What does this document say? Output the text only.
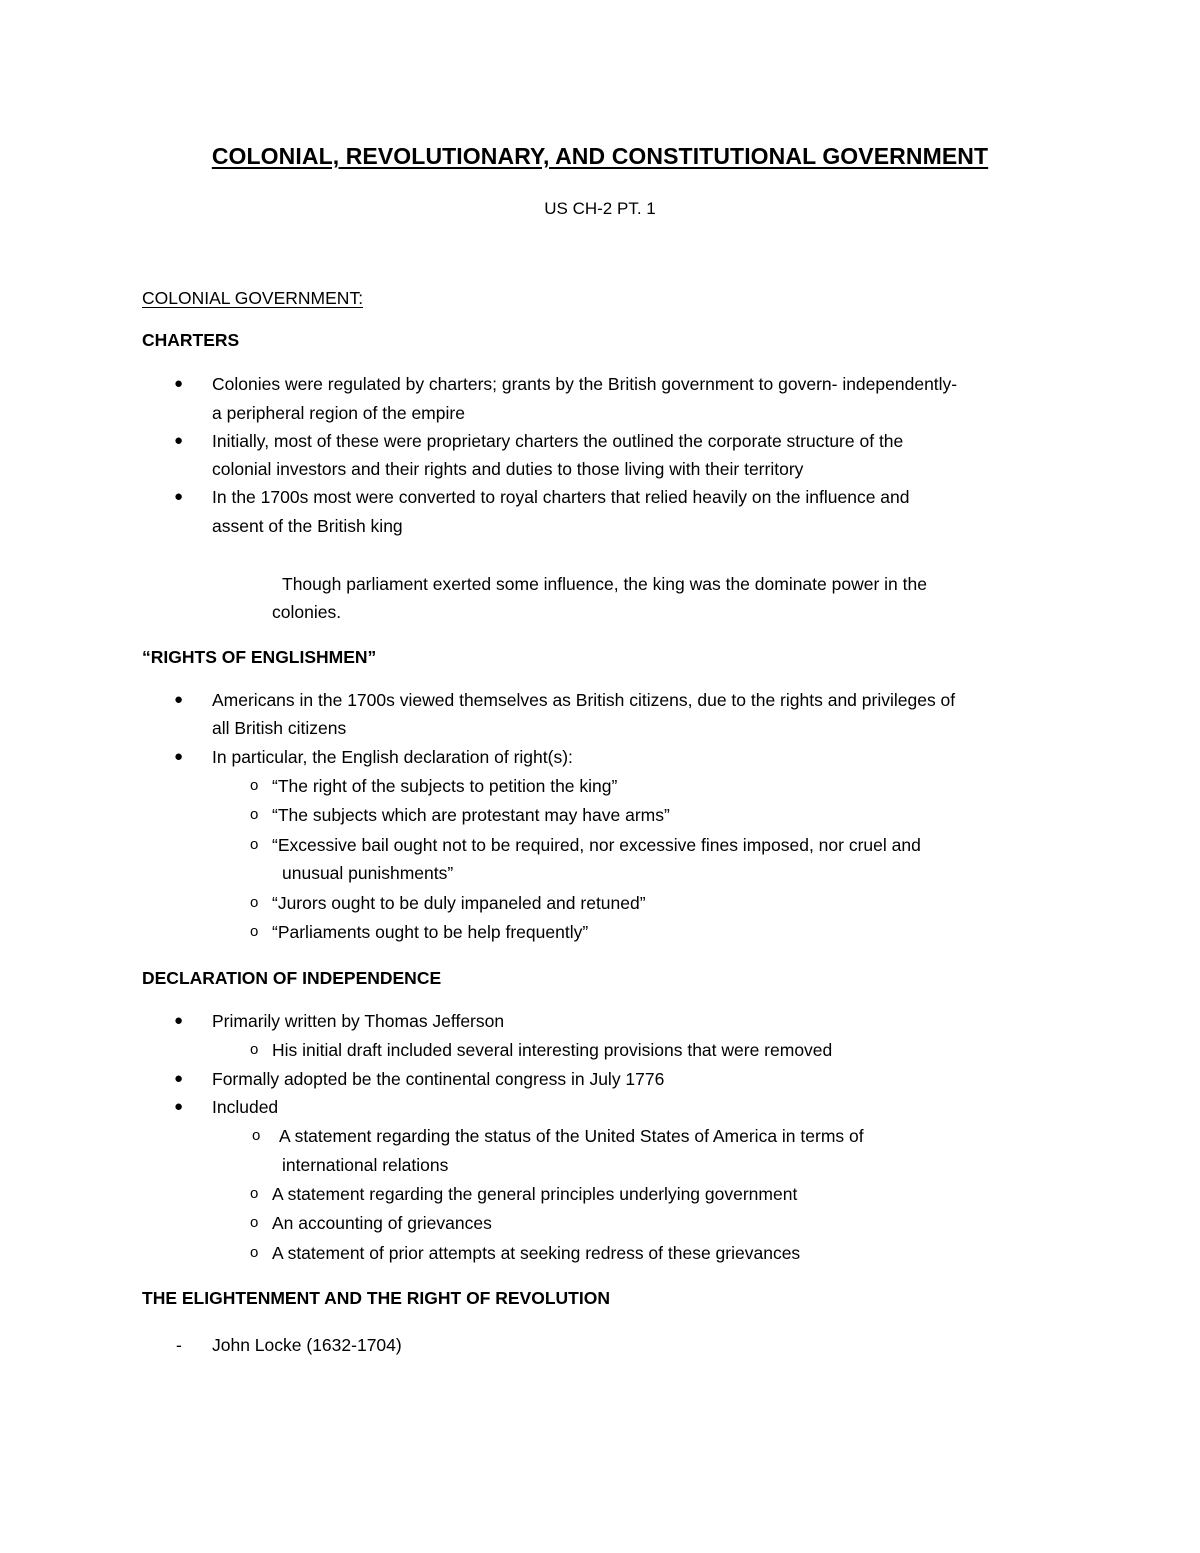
COLONIAL, REVOLUTIONARY, AND CONSTITUTIONAL GOVERNMENT
US CH-2 PT. 1
COLONIAL GOVERNMENT:
CHARTERS
● Colonies were regulated by charters; grants by the British government to govern- independently-
a peripheral region of the empire
● Initially, most of these were proprietary charters the outlined the corporate structure of the
colonial investors and their rights and duties to those living with their territory
● In the 1700s most were converted to royal charters that relied heavily on the influence and
assent of the British king
Though parliament exerted some influence, the king was the dominate power in the
colonies.
“RIGHTS OF ENGLISHMEN”
● Americans in the 1700s viewed themselves as British citizens, due to the rights and privileges of
all British citizens
● In particular, the English declaration of right(s):
o “The right of the subjects to petition the king”
o “The subjects which are protestant may have arms”
o “Excessive bail ought not to be required, nor excessive fines imposed, nor cruel and
unusual punishments”
o “Jurors ought to be duly impaneled and retuned”
o “Parliaments ought to be help frequently”
DECLARATION OF INDEPENDENCE
● Primarily written by Thomas Jefferson
o His initial draft included several interesting provisions that were removed
● Formally adopted be the continental congress in July 1776
● Included
o A statement regarding the status of the United States of America in terms of
international relations
o A statement regarding the general principles underlying government
o An accounting of grievances
o A statement of prior attempts at seeking redress of these grievances
THE ELIGHTENMENT AND THE RIGHT OF REVOLUTION
- John Locke (1632-1704)
